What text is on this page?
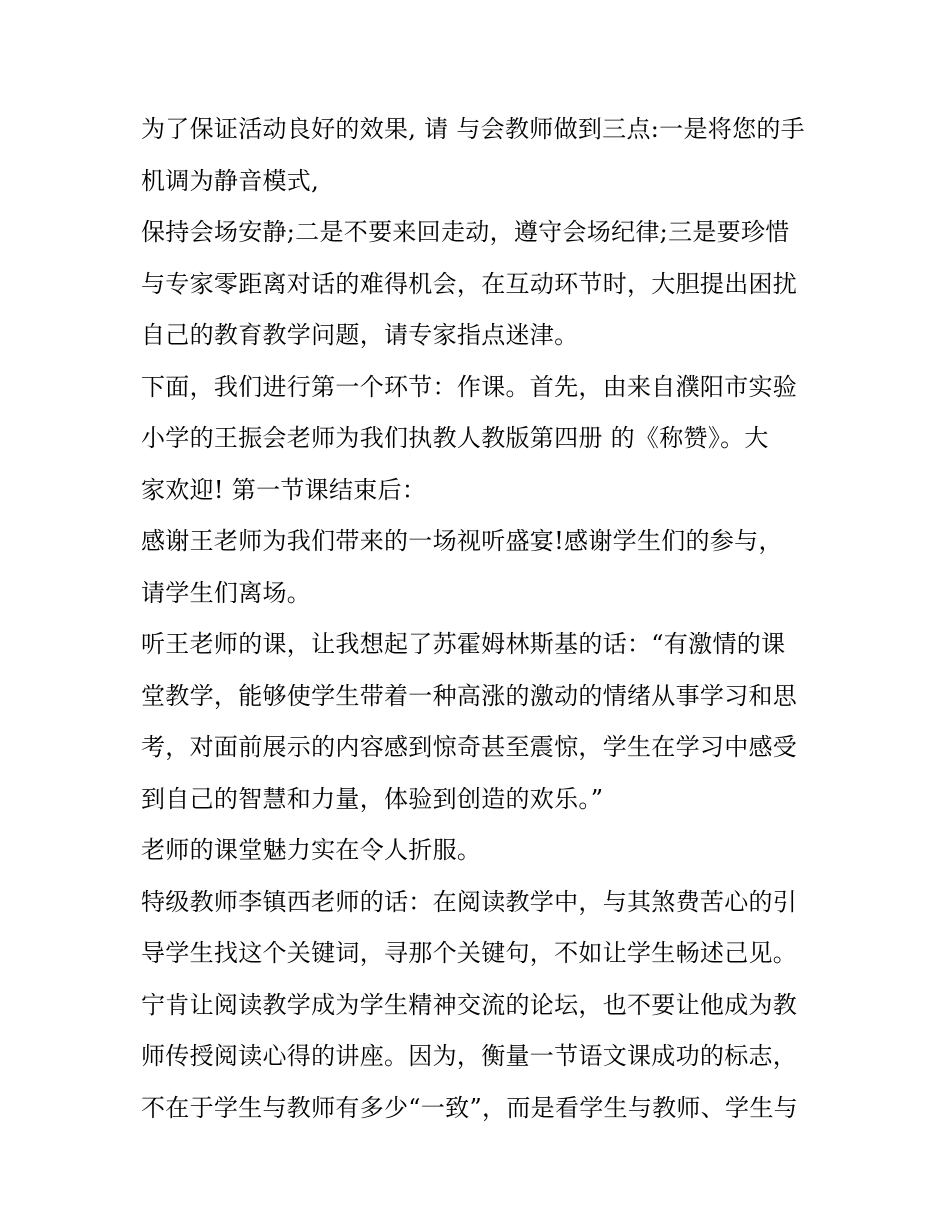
为了保证活动良好的效果, 请 与会教师做到三点:一是将您的手
机调为静音模式,
保持会场安静;二是不要来回走动，遵守会场纪律;三是要珍惜
与专家零距离对话的难得机会，在互动环节时，大胆提出困扰
自己的教育教学问题，请专家指点迷津。
下面，我们进行第一个环节：作课。首先，由来自濮阳市实验
小学的王振会老师为我们执教人教版第四册 的《称赞》。大
家欢迎! 第一节课结束后：
感谢王老师为我们带来的一场视听盛宴!感谢学生们的参与，
请学生们离场。
听王老师的课，让我想起了苏霍姆林斯基的话：“有激情的课
堂教学，能够使学生带着一种高涨的激动的情绪从事学习和思
考，对面前展示的内容感到惊奇甚至震惊，学生在学习中感受
到自己的智慧和力量，体验到创造的欢乐。”
老师的课堂魅力实在令人折服。
特级教师李镇西老师的话：在阅读教学中，与其煞费苦心的引
导学生找这个关键词，寻那个关键句，不如让学生畅述己见。
宁肯让阅读教学成为学生精神交流的论坛，也不要让他成为教
师传授阅读心得的讲座。因为，衡量一节语文课成功的标志，
不在于学生与教师有多少“一致”，而是看学生与教师、学生与
